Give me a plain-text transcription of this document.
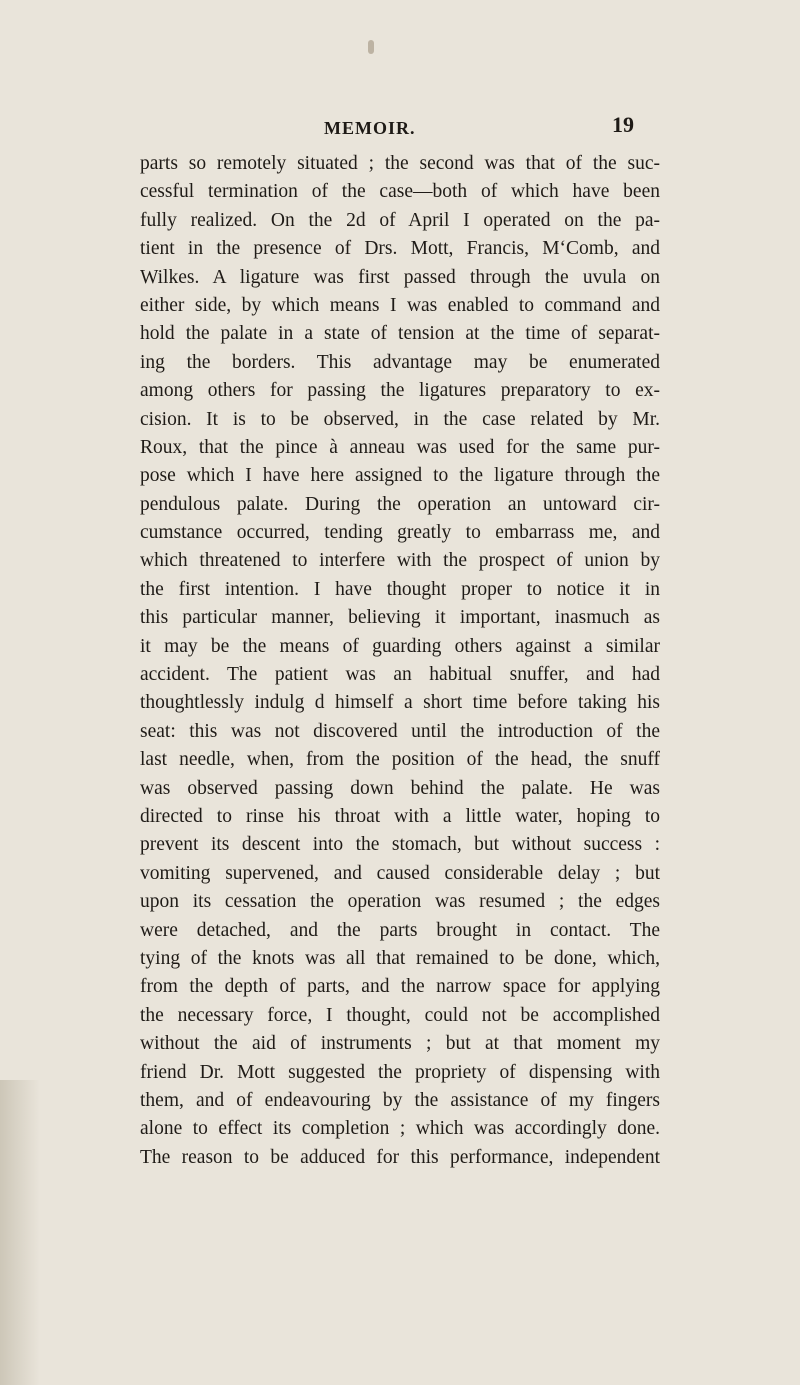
MEMOIR.	19
parts so remotely situated ; the second was that of the suc-
cessful termination of the case—both of which have been
fully realized. On the 2d of April I operated on the pa-
tient in the presence of Drs. Mott, Francis, M‘Comb, and
Wilkes. A ligature was first passed through the uvula on
either side, by which means I was enabled to command and
hold the palate in a state of tension at the time of separat-
ing the borders. This advantage may be enumerated
among others for passing the ligatures preparatory to ex-
cision. It is to be observed, in the case related by Mr.
Roux, that the pince à anneau was used for the same pur-
pose which I have here assigned to the ligature through the
pendulous palate. During the operation an untoward cir-
cumstance occurred, tending greatly to embarrass me, and
which threatened to interfere with the prospect of union by
the first intention. I have thought proper to notice it in
this particular manner, believing it important, inasmuch as
it may be the means of guarding others against a similar
accident. The patient was an habitual snuffer, and had
thoughtlessly indulg d himself a short time before taking his
seat: this was not discovered until the introduction of the
last needle, when, from the position of the head, the snuff
was observed passing down behind the palate. He was
directed to rinse his throat with a little water, hoping to
prevent its descent into the stomach, but without success :
vomiting supervened, and caused considerable delay ; but
upon its cessation the operation was resumed ; the edges
were detached, and the parts brought in contact. The
tying of the knots was all that remained to be done, which,
from the depth of parts, and the narrow space for applying
the necessary force, I thought, could not be accomplished
without the aid of instruments ; but at that moment my
friend Dr. Mott suggested the propriety of dispensing with
them, and of endeavouring by the assistance of my fingers
alone to effect its completion ; which was accordingly done.
The reason to be adduced for this performance, independent
